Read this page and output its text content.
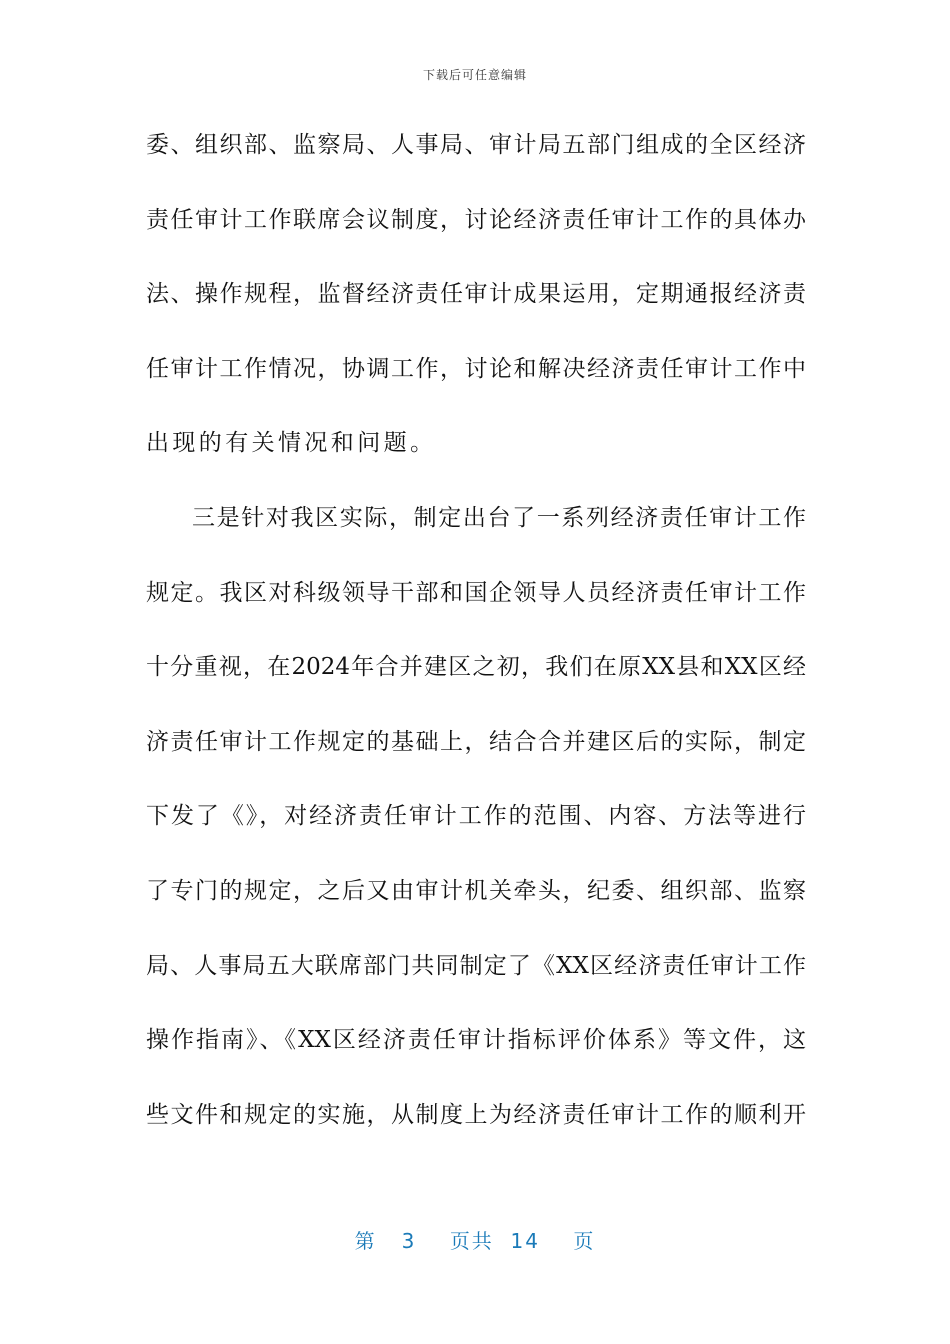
下载后可任意编辑
委、组织部、监察局、人事局、审计局五部门组成的全区经济
责任审计工作联席会议制度，讨论经济责任审计工作的具体办
法、操作规程，监督经济责任审计成果运用，定期通报经济责
任审计工作情况，协调工作，讨论和解决经济责任审计工作中
出现的有关情况和问题。
三是针对我区实际，制定出台了一系列经济责任审计工作
规定。我区对科级领导干部和国企领导人员经济责任审计工作
十分重视，在2024年合并建区之初，我们在原XX县和XX区经
济责任审计工作规定的基础上，结合合并建区后的实际，制定
下发了《》，对经济责任审计工作的范围、内容、方法等进行
了专门的规定，之后又由审计机关牵头，纪委、组织部、监察
局、人事局五大联席部门共同制定了《XX区经济责任审计工作
操作指南》、《XX区经济责任审计指标评价体系》等文件，这
些文件和规定的实施，从制度上为经济责任审计工作的顺利开
第 3 页共 14 页
